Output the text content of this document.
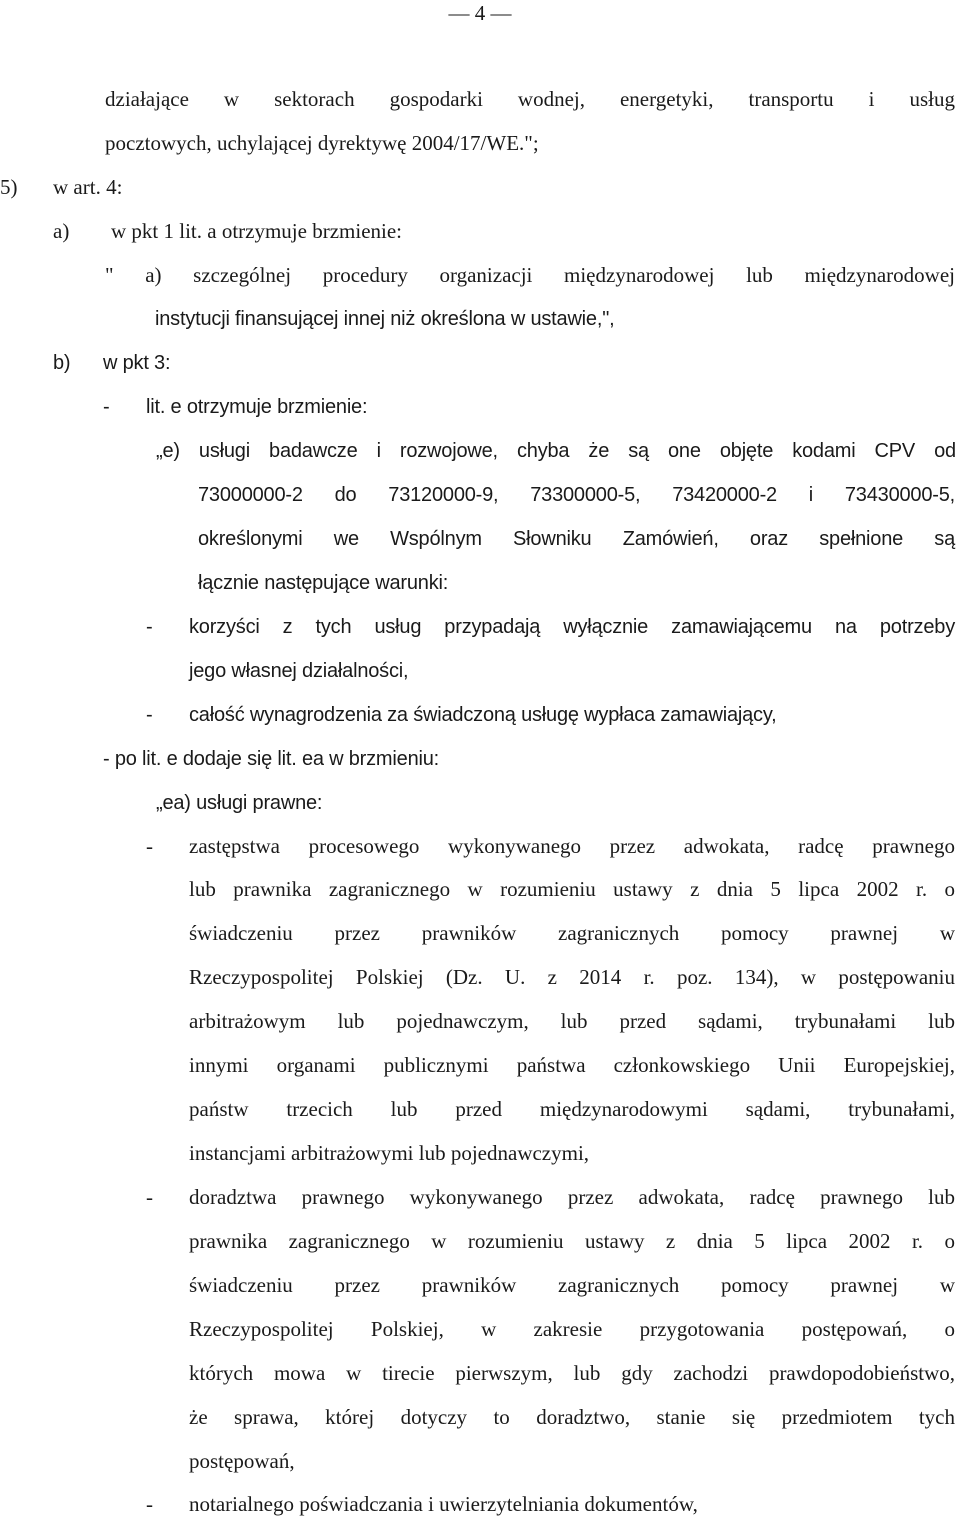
— 4 —
działające w sektorach gospodarki wodnej, energetyki, transportu i usług
pocztowych, uchylającej dyrektywę 2004/17/WE.";
5) w art. 4:
a) w pkt 1 lit. a otrzymuje brzmienie:
" a) szczególnej procedury organizacji międzynarodowej lub międzynarodowej
instytucji finansującej innej niż określona w ustawie,",
b) w pkt 3:
- lit. e otrzymuje brzmienie:
„e) usługi badawcze i rozwojowe, chyba że są one objęte kodami CPV od
73000000-2 do 73120000-9, 73300000-5, 73420000-2 i 73430000-5,
określonymi we Wspólnym Słowniku Zamówień, oraz spełnione są
łącznie następujące warunki:
- korzyści z tych usług przypadają wyłącznie zamawiającemu na potrzeby
jego własnej działalności,
- całość wynagrodzenia za świadczoną usługę wypłaca zamawiający,
- po lit. e dodaje się lit. ea w brzmieniu:
„ea) usługi prawne:
- zastępstwa procesowego wykonywanego przez adwokata, radcę prawnego
lub prawnika zagranicznego w rozumieniu ustawy z dnia 5 lipca 2002 r. o
świadczeniu przez prawników zagranicznych pomocy prawnej w
Rzeczypospolitej Polskiej (Dz. U. z 2014 r. poz. 134), w postępowaniu
arbitrażowym lub pojednawczym, lub przed sądami, trybunałami lub
innymi organami publicznymi państwa członkowskiego Unii Europejskiej,
państw trzecich lub przed międzynarodowymi sądami, trybunałami,
instancjami arbitrażowymi lub pojednawczymi,
- doradztwa prawnego wykonywanego przez adwokata, radcę prawnego lub
prawnika zagranicznego w rozumieniu ustawy z dnia 5 lipca 2002 r. o
świadczeniu przez prawników zagranicznych pomocy prawnej w
Rzeczypospolitej Polskiej, w zakresie przygotowania postępowań, o
których mowa w tirecie pierwszym, lub gdy zachodzi prawdopodobieństwo,
że sprawa, której dotyczy to doradztwo, stanie się przedmiotem tych
postępowań,
- notarialnego poświadczania i uwierzytelniania dokumentów,
